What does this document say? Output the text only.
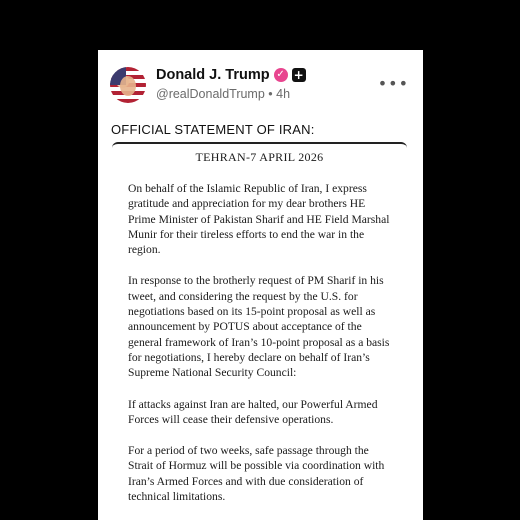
Donald J. Trump ✓ +
@realDonaldTrump • 4h
•••
OFFICIAL STATEMENT OF IRAN:
TEHRAN-7 APRIL 2026

On behalf of the Islamic Republic of Iran, I express gratitude and appreciation for my dear brothers HE Prime Minister of Pakistan Sharif and HE Field Marshal Munir for their tireless efforts to end the war in the region.

In response to the brotherly request of PM Sharif in his tweet, and considering the request by the U.S. for negotiations based on its 15-point proposal as well as announcement by POTUS about acceptance of the general framework of Iran’s 10-point proposal as a basis for negotiations, I hereby declare on behalf of Iran’s Supreme National Security Council:

If attacks against Iran are halted, our Powerful Armed Forces will cease their defensive operations.

For a period of two weeks, safe passage through the Strait of Hormuz will be possible via coordination with Iran’s Armed Forces and with due consideration of technical limitations.
